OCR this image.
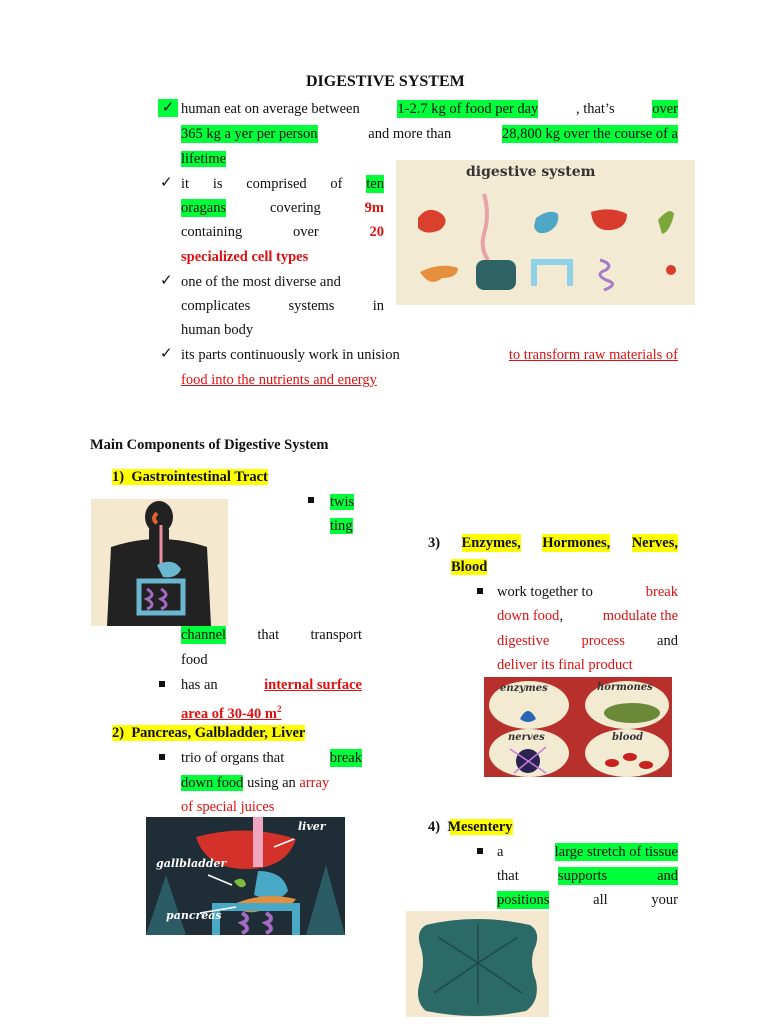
DIGESTIVE SYSTEM
✓ human eat on average between	1-2.7 kg of food per day	, that’s	over
365 kg a yer per person	and more than	28,800 kg over the course of a
lifetime
✓ it is comprised of ten
oragans	covering	9m
containing	over	20
specialized cell types
✓ one of the most diverse and
complicates	systems	in
human body
✓ its parts continuously work in unision	to transform raw materials of
food into the nutrients and energy
digestive system
Main Components of Digestive System
1)  Gastrointestinal Tract
twis
ting
channel that transport
food
has an	internal surface
area of 30-40 $m^2$
2)  Pancreas, Galbladder, Liver
trio of organs that	break
down food using an array
of special juices
liver
gallbladder
pancreas
3) Enzymes, Hormones, Nerves,
Blood
work together to	break
down food,	modulate the
digestive process and
deliver its final product
enzymes	hormones
nerves	blood
4)  Mesentery
a	large stretch of tissue
that	supports	and
positions	all	your
